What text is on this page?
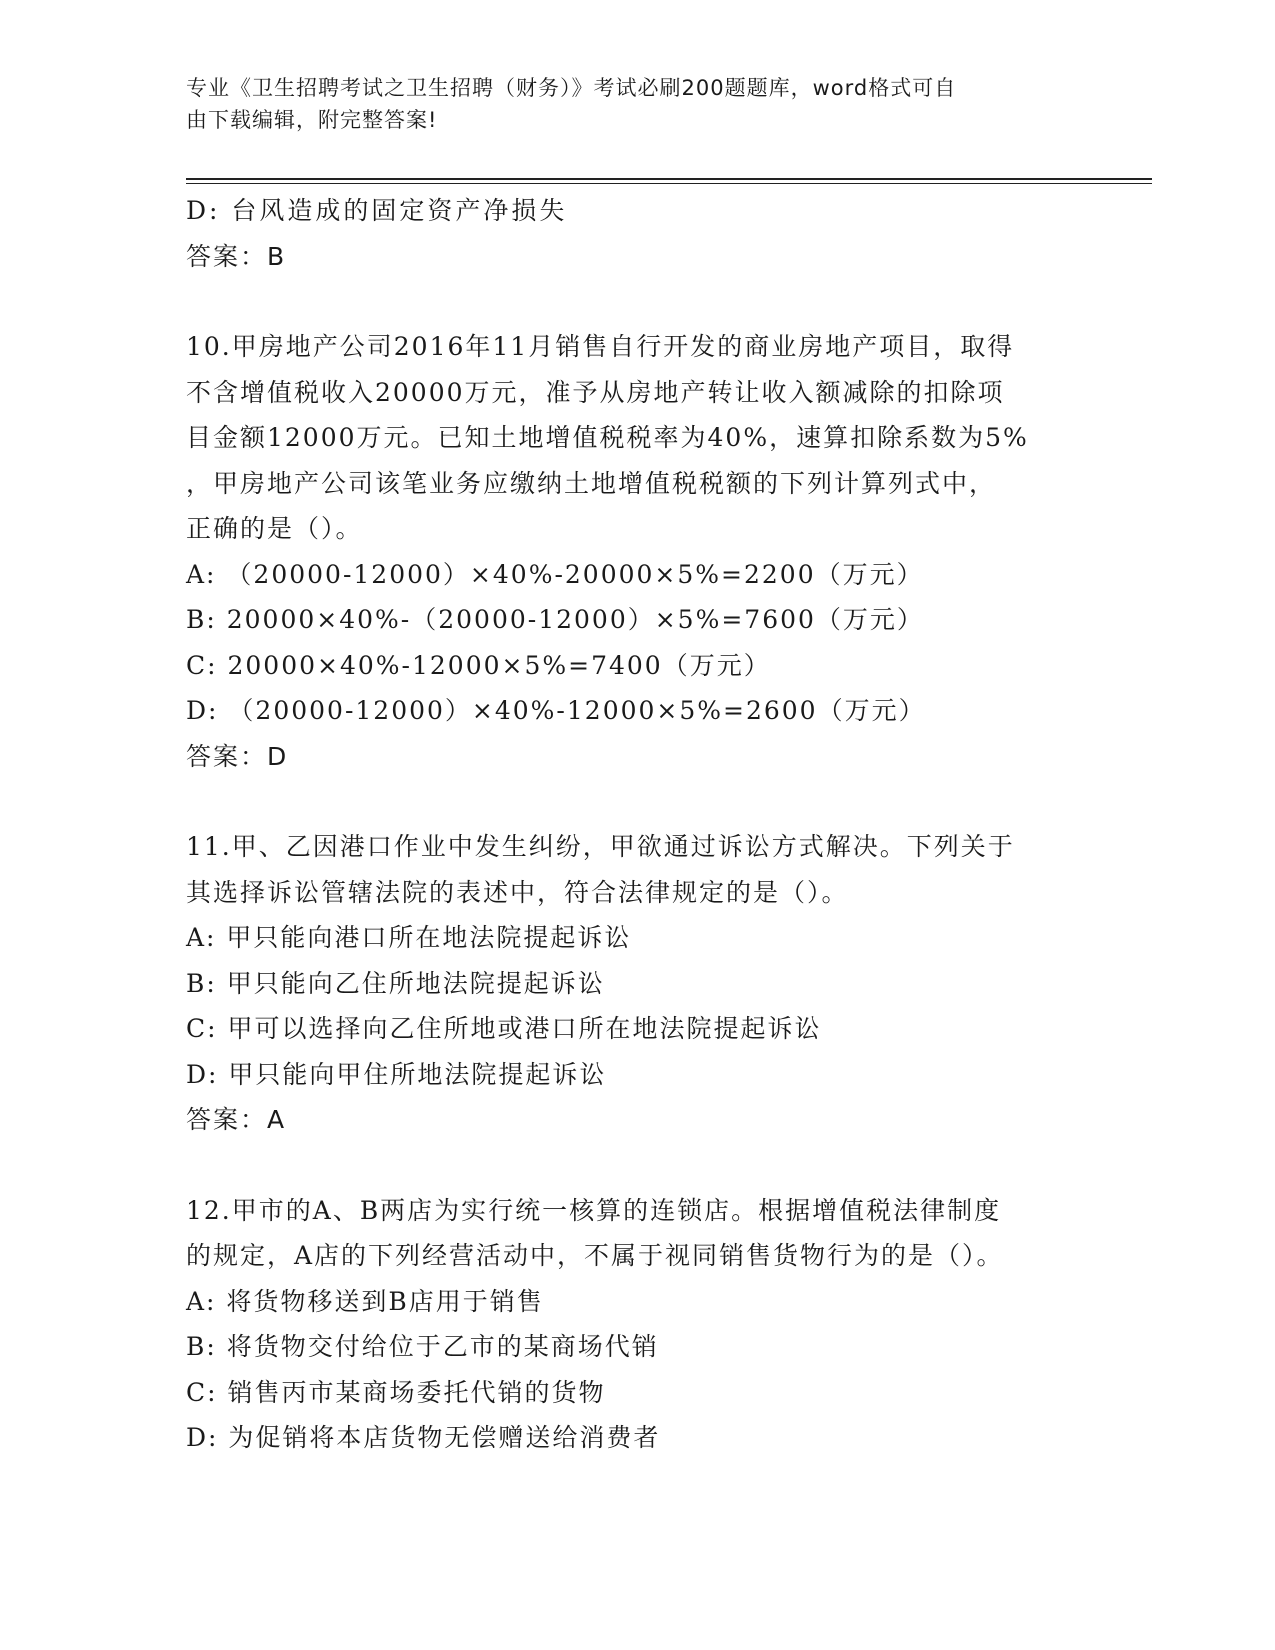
专业《卫生招聘考试之卫生招聘（财务）》考试必刷200题题库，word格式可自
由下载编辑，附完整答案!
D: 台风造成的固定资产净损失
答案：B
10.甲房地产公司2016年11月销售自行开发的商业房地产项目，取得
不含增值税收入20000万元，准予从房地产转让收入额减除的扣除项
目金额12000万元。已知土地增值税税率为40%，速算扣除系数为5%
，甲房地产公司该笔业务应缴纳土地增值税税额的下列计算列式中，
正确的是（）。
A: （20000-12000）×40%-20000×5%=2200（万元）
B: 20000×40%-（20000-12000）×5%=7600（万元）
C: 20000×40%-12000×5%=7400（万元）
D: （20000-12000）×40%-12000×5%=2600（万元）
答案：D
11.甲、乙因港口作业中发生纠纷，甲欲通过诉讼方式解决。下列关于
其选择诉讼管辖法院的表述中，符合法律规定的是（）。
A: 甲只能向港口所在地法院提起诉讼
B: 甲只能向乙住所地法院提起诉讼
C: 甲可以选择向乙住所地或港口所在地法院提起诉讼
D: 甲只能向甲住所地法院提起诉讼
答案：A
12.甲市的A、B两店为实行统一核算的连锁店。根据增值税法律制度
的规定，A店的下列经营活动中，不属于视同销售货物行为的是（）。
A: 将货物移送到B店用于销售
B: 将货物交付给位于乙市的某商场代销
C: 销售丙市某商场委托代销的货物
D: 为促销将本店货物无偿赠送给消费者
